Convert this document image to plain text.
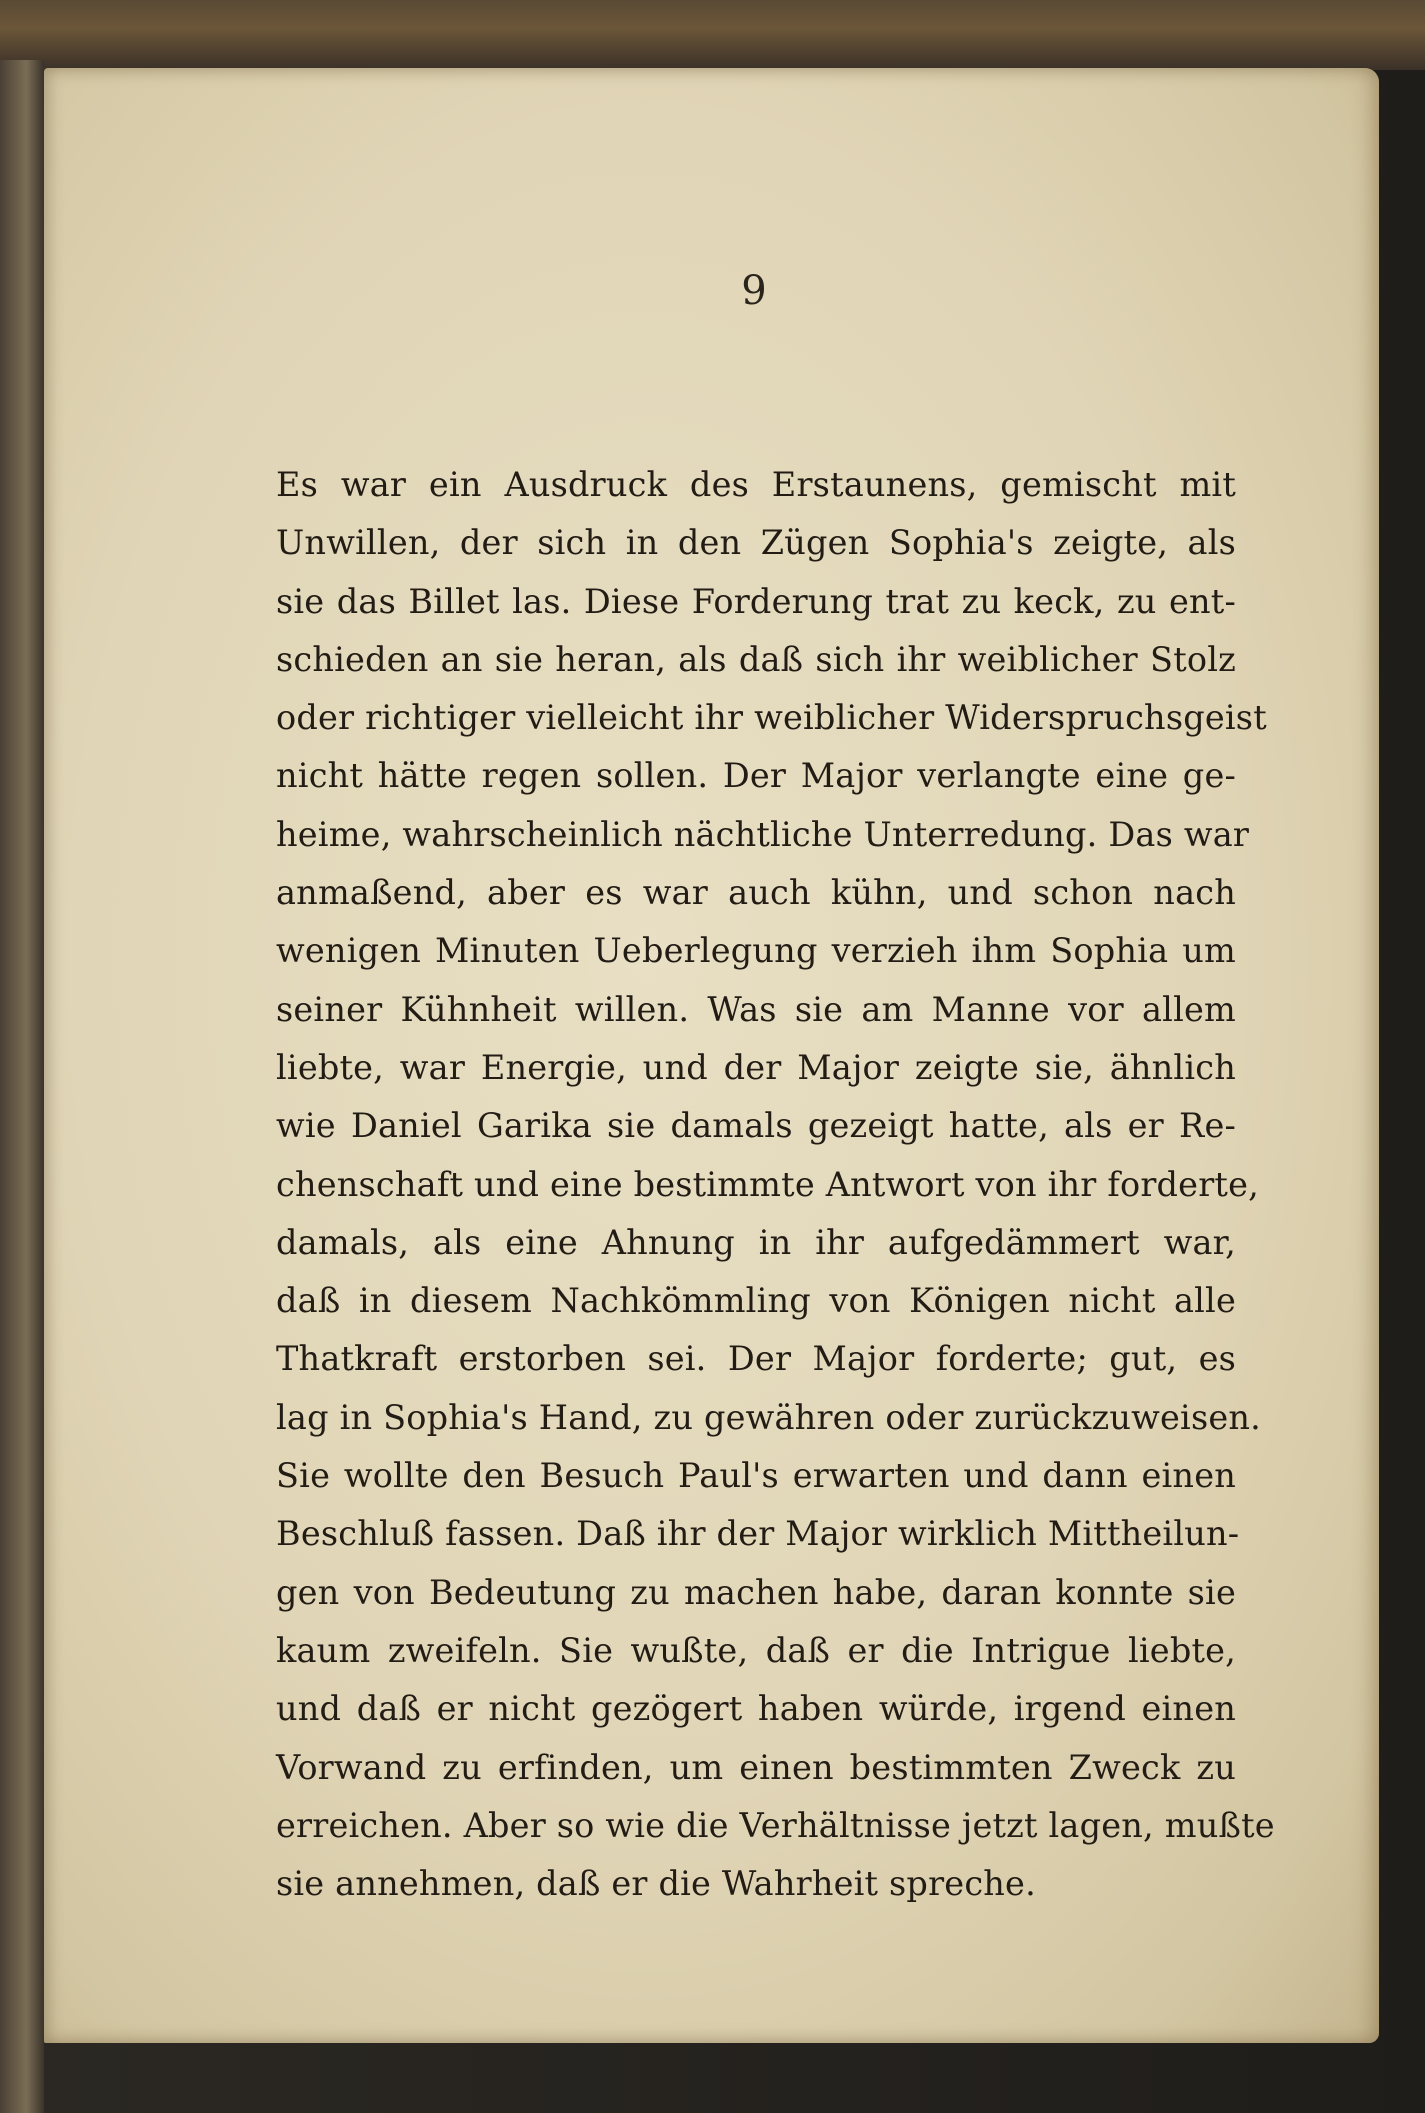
9

Es war ein Ausdruck des Erstaunens, gemischt mit
Unwillen, der sich in den Zügen Sophia's zeigte, als
sie das Billet las. Diese Forderung trat zu keck, zu ent-
schieden an sie heran, als daß sich ihr weiblicher Stolz
oder richtiger vielleicht ihr weiblicher Widerspruchsgeist
nicht hätte regen sollen. Der Major verlangte eine ge-
heime, wahrscheinlich nächtliche Unterredung. Das war
anmaßend, aber es war auch kühn, und schon nach
wenigen Minuten Ueberlegung verzieh ihm Sophia um
seiner Kühnheit willen. Was sie am Manne vor allem
liebte, war Energie, und der Major zeigte sie, ähnlich
wie Daniel Garika sie damals gezeigt hatte, als er Re-
chenschaft und eine bestimmte Antwort von ihr forderte,
damals, als eine Ahnung in ihr aufgedämmert war,
daß in diesem Nachkömmling von Königen nicht alle
Thatkraft erstorben sei. Der Major forderte; gut, es
lag in Sophia's Hand, zu gewähren oder zurückzuweisen.
Sie wollte den Besuch Paul's erwarten und dann einen
Beschluß fassen. Daß ihr der Major wirklich Mittheilun-
gen von Bedeutung zu machen habe, daran konnte sie
kaum zweifeln. Sie wußte, daß er die Intrigue liebte,
und daß er nicht gezögert haben würde, irgend einen
Vorwand zu erfinden, um einen bestimmten Zweck zu
erreichen. Aber so wie die Verhältnisse jetzt lagen, mußte
sie annehmen, daß er die Wahrheit spreche.
